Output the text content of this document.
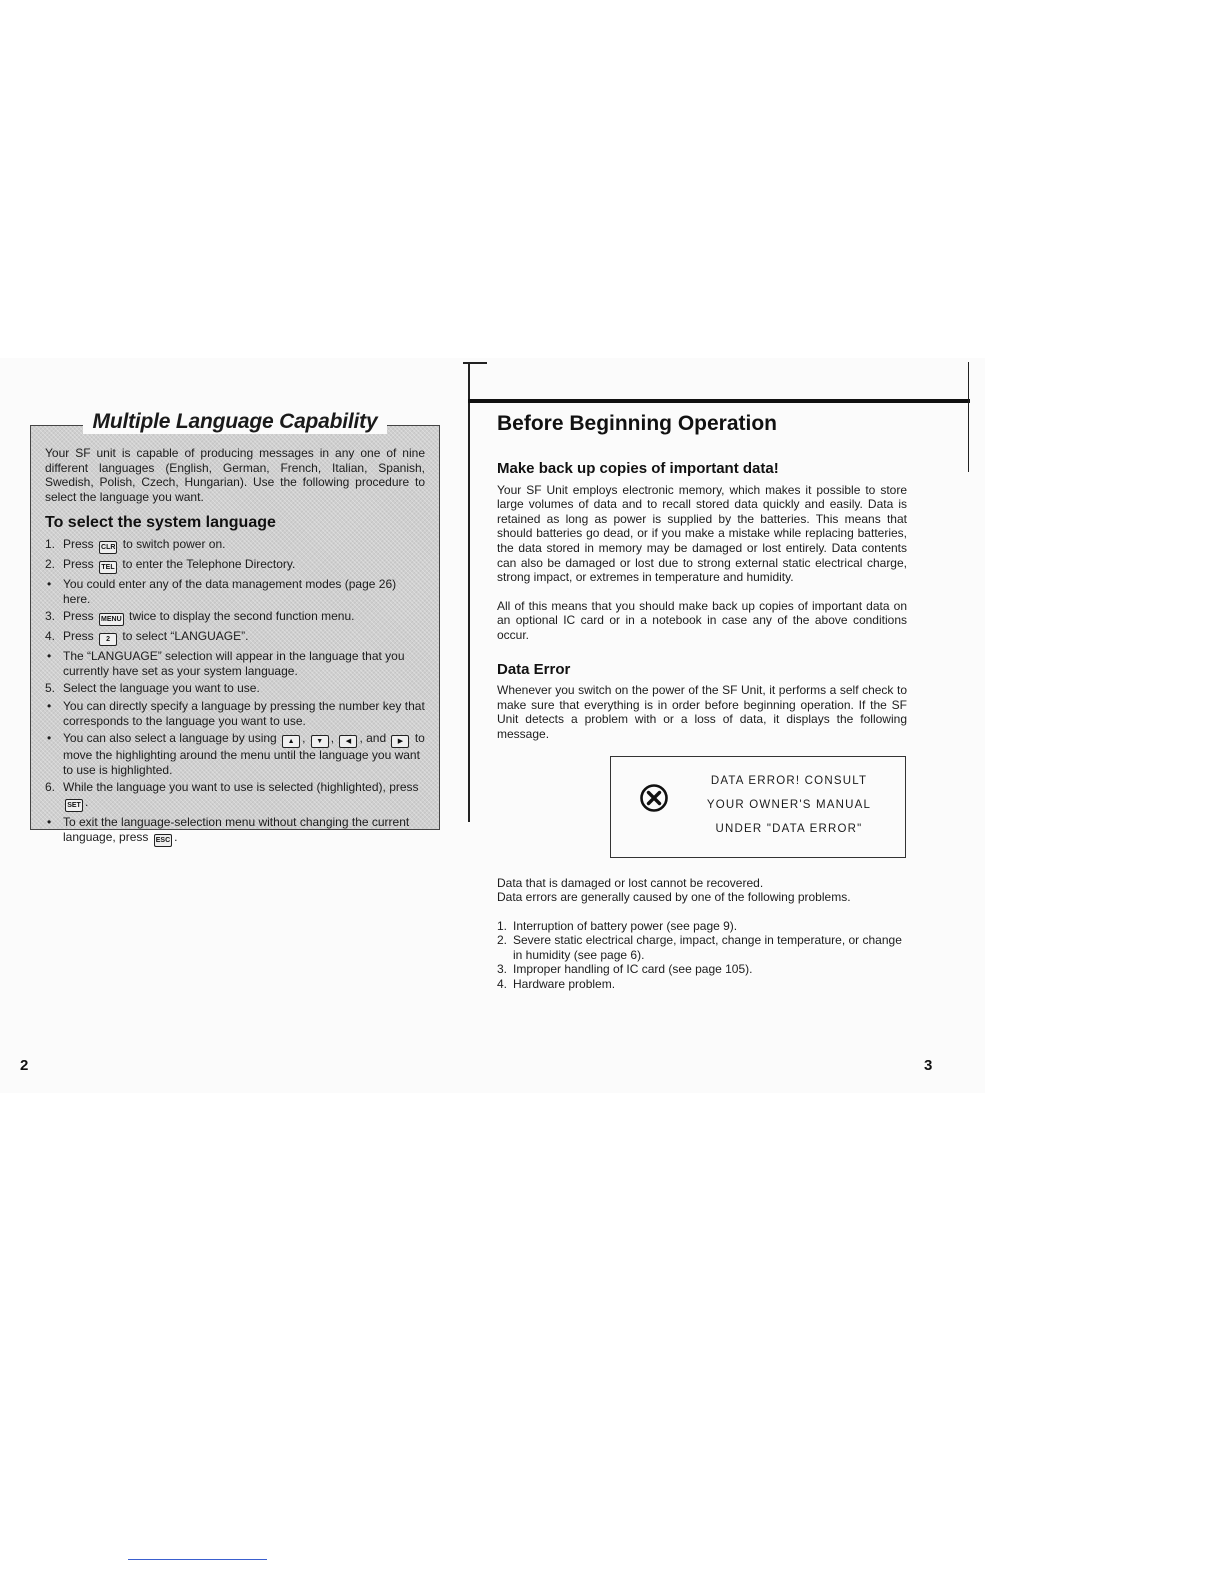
Multiple Language Capability

Your SF unit is capable of producing messages in any one of nine different languages (English, German, French, Italian, Spanish, Swedish, Polish, Czech, Hungarian). Use the following procedure to select the language you want.

To select the system language
1. Press CLR to switch power on.
2. Press TEL to enter the Telephone Directory.
• You could enter any of the data management modes (page 26) here.
3. Press MENU twice to display the second function menu.
4. Press 2 to select “LANGUAGE”.
• The “LANGUAGE” selection will appear in the language that you currently have set as your system language.
5. Select the language you want to use.
• You can directly specify a language by pressing the number key that corresponds to the language you want to use.
• You can also select a language by using ▲ , ▼ , ◀ , and ▶ to move the highlighting around the menu until the language you want to use is highlighted.
6. While the language you want to use is selected (highlighted), press SET .
• To exit the language-selection menu without changing the current language, press ESC .
2
Before Beginning Operation
Make back up copies of important data!

Your SF Unit employs electronic memory, which makes it possible to store large volumes of data and to recall stored data quickly and easily. Data is retained as long as power is supplied by the batteries. This means that should batteries go dead, or if you make a mistake while replacing batteries, the data stored in memory may be damaged or lost entirely. Data contents can also be damaged or lost due to strong external static electrical charge, strong impact, or extremes in temperature and humidity.

All of this means that you should make back up copies of important data on an optional IC card or in a notebook in case any of the above conditions occur.

Data Error

Whenever you switch on the power of the SF Unit, it performs a self check to make sure that everything is in order before beginning operation. If the SF Unit detects a problem with or a loss of data, it displays the following message.

DATA ERROR! CONSULT
YOUR OWNER'S MANUAL
UNDER "DATA ERROR"
Data that is damaged or lost cannot be recovered.
Data errors are generally caused by one of the following problems.
1. Interruption of battery power (see page 9).
2. Severe static electrical charge, impact, change in temperature, or change in humidity (see page 6).
3. Improper handling of IC card (see page 105).
4. Hardware problem.
3
